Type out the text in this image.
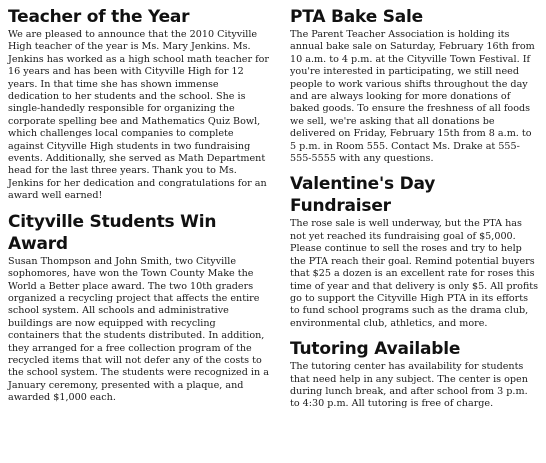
Teacher of the Year

We are pleased to announce that the 2010 Cityville High teacher of the year is Ms. Mary Jenkins. Ms. Jenkins has worked as a high school math teacher for 16 years and has been with Cityville High for 12 years. In that time she has shown immense dedication to her students and the school. She is single-handedly responsible for organizing the corporate spelling bee and Mathematics Quiz Bowl, which challenges local companies to complete against Cityville High students in two fundraising events. Additionally, she served as Math Department head for the last three years. Thank you to Ms. Jenkins for her dedication and congratulations for an award well earned!

Cityville Students Win Award

Susan Thompson and John Smith, two Cityville sophomores, have won the Town County Make the World a Better place award. The two 10th graders organized a recycling project that affects the entire school system. All schools and administrative buildings are now equipped with recycling containers that the students distributed. In addition, they arranged for a free collection program of the recycled items that will not defer any of the costs to the school system. The students were recognized in a January ceremony, presented with a plaque, and awarded $1,000 each.

PTA Bake Sale

The Parent Teacher Association is holding its annual bake sale on Saturday, February 16th from 10 a.m. to 4 p.m. at the Cityville Town Festival. If you're interested in participating, we still need people to work various shifts throughout the day and are always looking for more donations of baked goods. To ensure the freshness of all foods we sell, we're asking that all donations be delivered on Friday, February 15th from 8 a.m. to 5 p.m. in Room 555. Contact Ms. Drake at 555-555-5555 with any questions.

Valentine's Day Fundraiser

The rose sale is well underway, but the PTA has not yet reached its fundraising goal of $5,000. Please continue to sell the roses and try to help the PTA reach their goal. Remind potential buyers that $25 a dozen is an excellent rate for roses this time of year and that delivery is only $5. All profits go to support the Cityville High PTA in its efforts to fund school programs such as the drama club, environmental club, athletics, and more.

Tutoring Available

The tutoring center has availability for students that need help in any subject. The center is open during lunch break, and after school from 3 p.m. to 4:30 p.m. All tutoring is free of charge.
